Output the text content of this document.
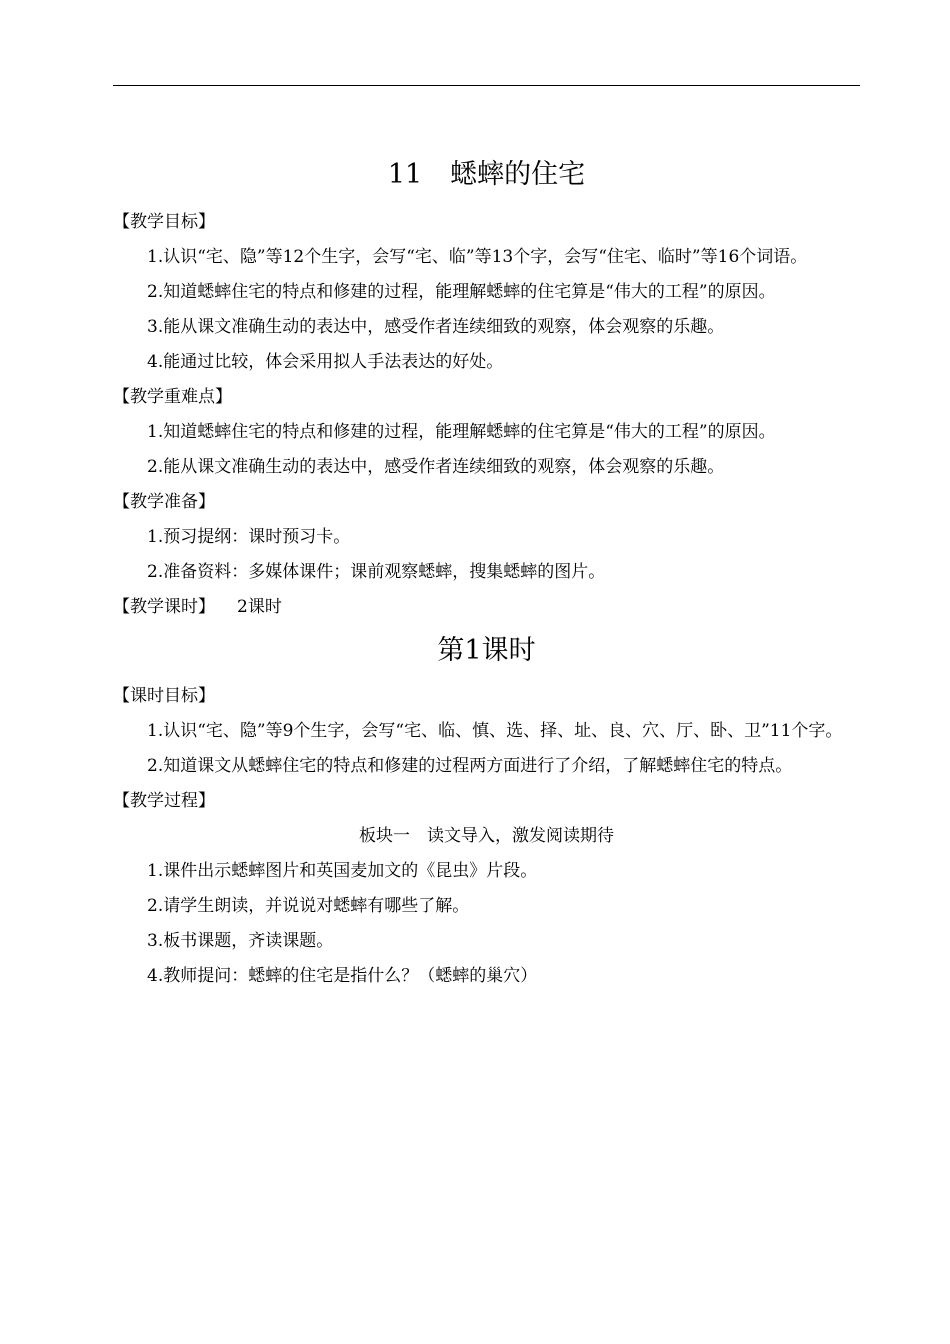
11 蟋蟀的住宅
【教学目标】
1.认识“宅、隐”等12个生字，会写“宅、临”等13个字，会写“住宅、临时”等16个词语。
2.知道蟋蟀住宅的特点和修建的过程，能理解蟋蟀的住宅算是“伟大的工程”的原因。
3.能从课文准确生动的表达中，感受作者连续细致的观察，体会观察的乐趣。
4.能通过比较，体会采用拟人手法表达的好处。
【教学重难点】
1.知道蟋蟀住宅的特点和修建的过程，能理解蟋蟀的住宅算是“伟大的工程”的原因。
2.能从课文准确生动的表达中，感受作者连续细致的观察，体会观察的乐趣。
【教学准备】
1.预习提纲：课时预习卡。
2.准备资料：多媒体课件；课前观察蟋蟀，搜集蟋蟀的图片。
【教学课时】 2课时
第1课时
【课时目标】
1.认识“宅、隐”等9个生字，会写“宅、临、慎、选、择、址、良、穴、厅、卧、卫”11个字。
2.知道课文从蟋蟀住宅的特点和修建的过程两方面进行了介绍，了解蟋蟀住宅的特点。
【教学过程】
板块一　读文导入，激发阅读期待
1.课件出示蟋蟀图片和英国麦加文的《昆虫》片段。
2.请学生朗读，并说说对蟋蟀有哪些了解。
3.板书课题，齐读课题。
4.教师提问：蟋蟀的住宅是指什么？（蟋蟀的巢穴）
